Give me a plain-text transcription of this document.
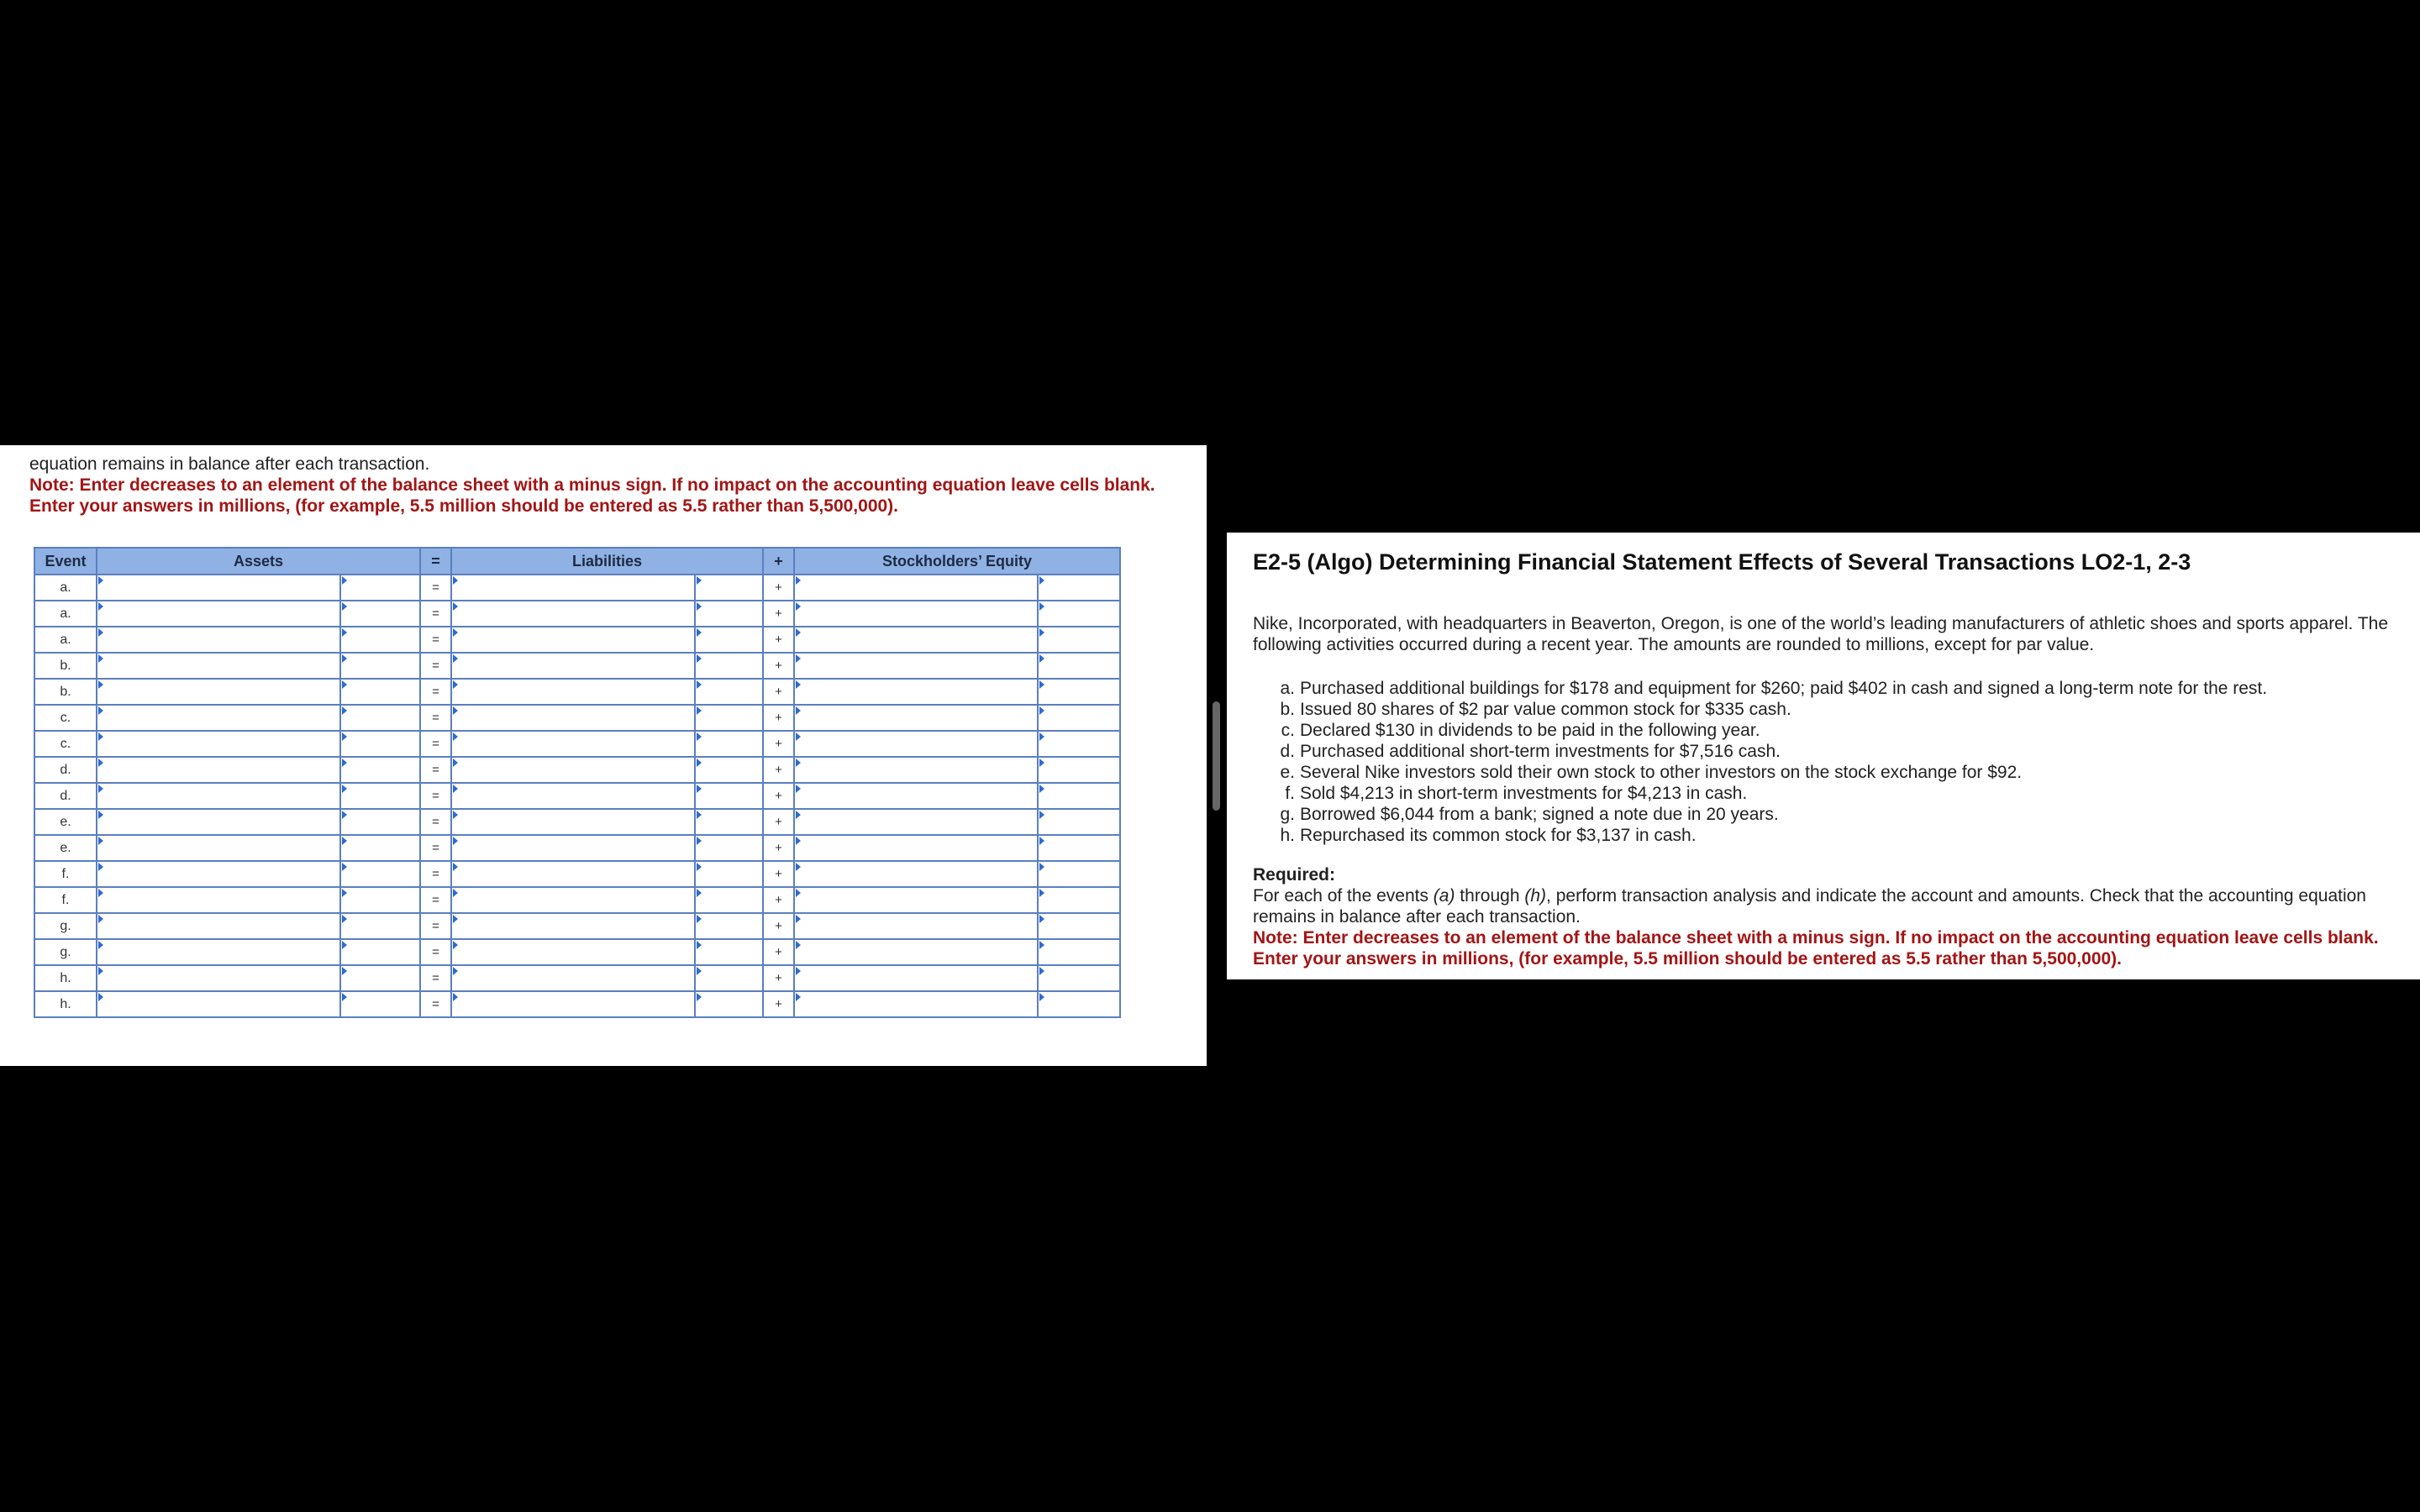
equation remains in balance after each transaction.

Note: Enter decreases to an element of the balance sheet with a minus sign. If no impact on the accounting equation leave cells blank. Enter your answers in millions, (for example, 5.5 million should be entered as 5.5 rather than 5,500,000).

Event	Assets		=	Liabilities		+	Stockholders’ Equity	
a.			=			+		
a.			=			+		
a.			=			+		
b.			=			+		
b.			=			+		
c.			=			+		
c.			=			+		
d.			=			+		
d.			=			+		
e.			=			+		
e.			=			+		
f.			=			+		
f.			=			+		
g.			=			+		
g.			=			+		
h.			=			+		
h.			=			+		
E2-5 (Algo) Determining Financial Statement Effects of Several Transactions LO2-1, 2-3

Nike, Incorporated, with headquarters in Beaverton, Oregon, is one of the world’s leading manufacturers of athletic shoes and sports apparel. The following activities occurred during a recent year. The amounts are rounded to millions, except for par value.

a. Purchased additional buildings for $178 and equipment for $260; paid $402 in cash and signed a long-term note for the rest.
b. Issued 80 shares of $2 par value common stock for $335 cash.
c. Declared $130 in dividends to be paid in the following year.
d. Purchased additional short-term investments for $7,516 cash.
e. Several Nike investors sold their own stock to other investors on the stock exchange for $92.
f. Sold $4,213 in short-term investments for $4,213 in cash.
g. Borrowed $6,044 from a bank; signed a note due in 20 years.
h. Repurchased its common stock for $3,137 in cash.

Required:

For each of the events (a) through (h), perform transaction analysis and indicate the account and amounts. Check that the accounting equation remains in balance after each transaction.

Note: Enter decreases to an element of the balance sheet with a minus sign. If no impact on the accounting equation leave cells blank. Enter your answers in millions, (for example, 5.5 million should be entered as 5.5 rather than 5,500,000).
